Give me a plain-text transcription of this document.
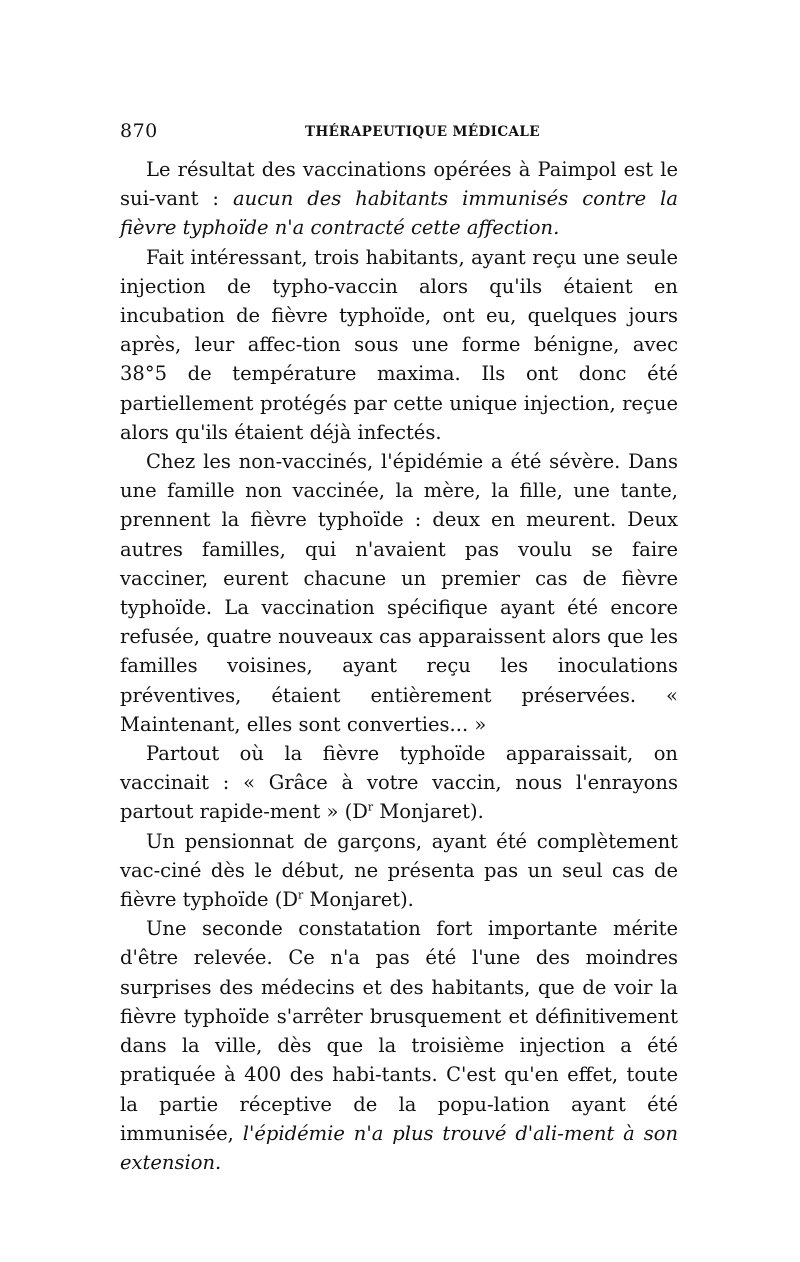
870	THÉRAPEUTIQUE MÉDICALE

Le résultat des vaccinations opérées à Paimpol est le sui-vant : aucun des habitants immunisés contre la fièvre typhoïde n'a contracté cette affection.

Fait intéressant, trois habitants, ayant reçu une seule injection de typho-vaccin alors qu'ils étaient en incubation de fièvre typhoïde, ont eu, quelques jours après, leur affec-tion sous une forme bénigne, avec 38°5 de température maxima. Ils ont donc été partiellement protégés par cette unique injection, reçue alors qu'ils étaient déjà infectés.

Chez les non-vaccinés, l'épidémie a été sévère. Dans une famille non vaccinée, la mère, la fille, une tante, prennent la fièvre typhoïde : deux en meurent. Deux autres familles, qui n'avaient pas voulu se faire vacciner, eurent chacune un premier cas de fièvre typhoïde. La vaccination spécifique ayant été encore refusée, quatre nouveaux cas apparaissent alors que les familles voisines, ayant reçu les inoculations préventives, étaient entièrement préservées. « Maintenant, elles sont converties... »

Partout où la fièvre typhoïde apparaissait, on vaccinait : « Grâce à votre vaccin, nous l'enrayons partout rapide-ment » ($D^r$ Monjaret).

Un pensionnat de garçons, ayant été complètement vac-ciné dès le début, ne présenta pas un seul cas de fièvre typhoïde ($D^r$ Monjaret).

Une seconde constatation fort importante mérite d'être relevée. Ce n'a pas été l'une des moindres surprises des médecins et des habitants, que de voir la fièvre typhoïde s'arrêter brusquement et définitivement dans la ville, dès que la troisième injection a été pratiquée à 400 des habi-tants. C'est qu'en effet, toute la partie réceptive de la popu-lation ayant été immunisée, l'épidémie n'a plus trouvé d'ali-ment à son extension.
